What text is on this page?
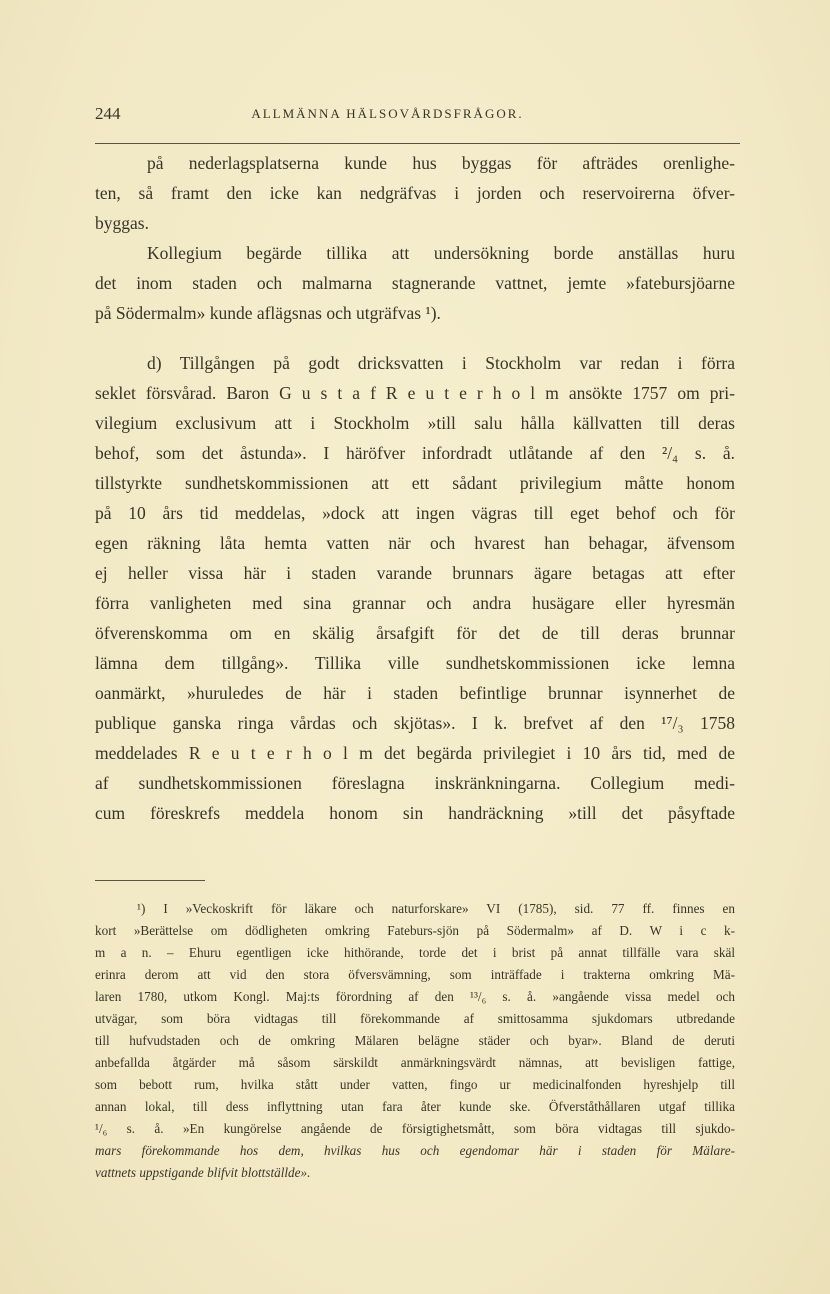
244	ALLMÄNNA HÄLSOVÅRDSFRÅGOR.
på nederlagsplatserna kunde hus byggas för afträdes orenlighe-
ten, så framt den icke kan nedgräfvas i jorden och reservoirerna öfver-
byggas.
Kollegium begärde tillika att undersökning borde anställas huru
det inom staden och malmarna stagnerande vattnet, jemte »fatebursjöarne
på Södermalm» kunde aflägsnas och utgräfvas ¹).
d) Tillgången på godt dricksvatten i Stockholm var redan i förra
seklet försvårad. Baron G u s t a f R e u t e r h o l m ansökte 1757 om pri-
vilegium exclusivum att i Stockholm »till salu hålla källvatten till deras
behof, som det åstunda». I häröfver infordradt utlåtande af den ²/₄ s. å.
tillstyrkte sundhetskommissionen att ett sådant privilegium måtte honom
på 10 års tid meddelas, »dock att ingen vägras till eget behof och för
egen räkning låta hemta vatten när och hvarest han behagar, äfvensom
ej heller vissa här i staden varande brunnars ägare betagas att efter
förra vanligheten med sina grannar och andra husägare eller hyresmän
öfverenskomma om en skälig årsafgift för det de till deras brunnar
lämna dem tillgång». Tillika ville sundhetskommissionen icke lemna
oanmärkt, »huruledes de här i staden befintlige brunnar isynnerhet de
publique ganska ringa vårdas och skjötas». I k. brefvet af den ¹⁷/₃ 1758
meddelades R e u t e r h o l m det begärda privilegiet i 10 års tid, med de
af sundhetskommissionen föreslagna inskränkningarna. Collegium medi-
cum föreskrefs meddela honom sin handräckning »till det påsyftade
¹) I »Veckoskrift för läkare och naturforskare» VI (1785), sid. 77 ff. finnes en
kort »Berättelse om dödligheten omkring Fateburs-sjön på Södermalm» af D. W i c k-
m a n. – Ehuru egentligen icke hithörande, torde det i brist på annat tillfälle vara skäl
erinra derom att vid den stora öfversvämning, som inträffade i trakterna omkring Mä-
laren 1780, utkom Kongl. Maj:ts förordning af den ¹³/₆ s. å. »angående vissa medel och
utvägar, som böra vidtagas till förekommande af smittosamma sjukdomars utbredande
till hufvudstaden och de omkring Mälaren belägne städer och byar». Bland de deruti
anbefallda åtgärder må såsom särskildt anmärkningsvärdt nämnas, att bevisligen fattige,
som bebott rum, hvilka stått under vatten, fingo ur medicinalfonden hyreshjelp till
annan lokal, till dess inflyttning utan fara åter kunde ske. Öfverståthållaren utgaf tillika
¹/₆ s. å. »En kungörelse angående de försigtighetsmått, som böra vidtagas till sjukdo-
mars förekommande hos dem, hvilkas hus och egendomar här i staden för Mälare-
vattnets uppstigande blifvit blottställde».
